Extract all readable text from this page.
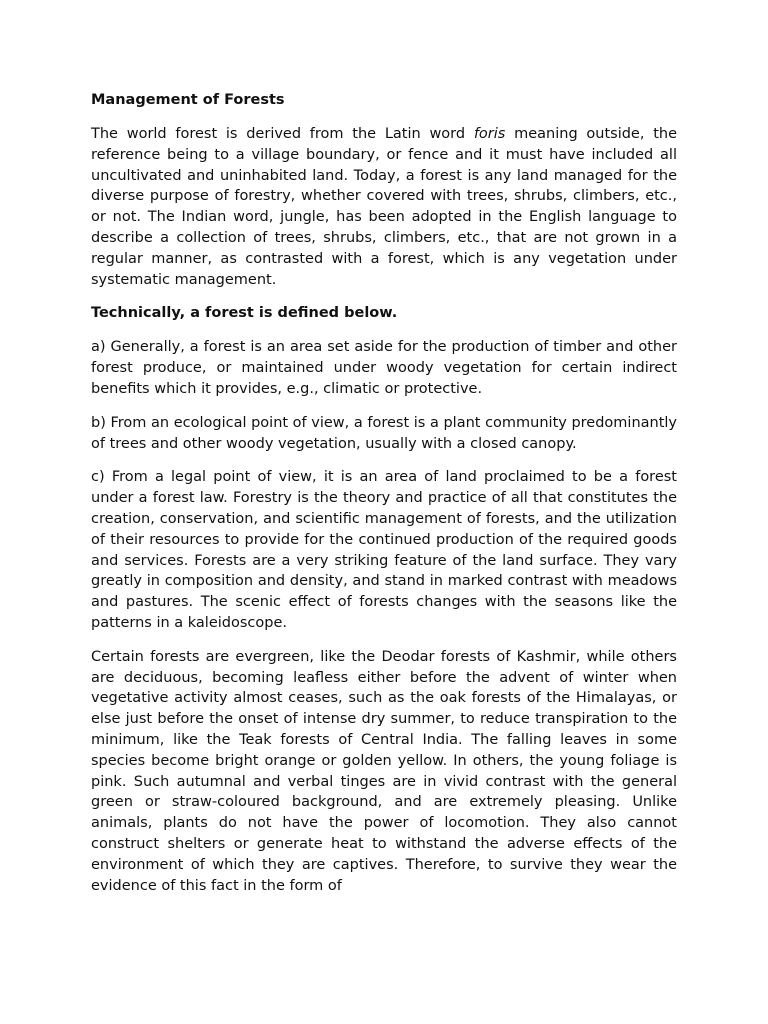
Management of Forests

The world forest is derived from the Latin word foris meaning outside, the reference being to a village boundary, or fence and it must have included all uncultivated and uninhabited land. Today, a forest is any land managed for the diverse purpose of forestry, whether covered with trees, shrubs, climbers, etc., or not. The Indian word, jungle, has been adopted in the English language to describe a collection of trees, shrubs, climbers, etc., that are not grown in a regular manner, as contrasted with a forest, which is any vegetation under systematic management.

Technically, a forest is defined below.

a) Generally, a forest is an area set aside for the production of timber and other forest produce, or maintained under woody vegetation for certain indirect benefits which it provides, e.g., climatic or protective.

b) From an ecological point of view, a forest is a plant community predominantly of trees and other woody vegetation, usually with a closed canopy.

c) From a legal point of view, it is an area of land proclaimed to be a forest under a forest law. Forestry is the theory and practice of all that constitutes the creation, conservation, and scientific management of forests, and the utilization of their resources to provide for the continued production of the required goods and services. Forests are a very striking feature of the land surface. They vary greatly in composition and density, and stand in marked contrast with meadows and pastures. The scenic effect of forests changes with the seasons like the patterns in a kaleidoscope.

Certain forests are evergreen, like the Deodar forests of Kashmir, while others are deciduous, becoming leafless either before the advent of winter when vegetative activity almost ceases, such as the oak forests of the Himalayas, or else just before the onset of intense dry summer, to reduce transpiration to the minimum, like the Teak forests of Central India. The falling leaves in some species become bright orange or golden yellow. In others, the young foliage is pink. Such autumnal and verbal tinges are in vivid contrast with the general green or straw-coloured background, and are extremely pleasing. Unlike animals, plants do not have the power of locomotion. They also cannot construct shelters or generate heat to withstand the adverse effects of the environment of which they are captives. Therefore, to survive they wear the evidence of this fact in the form of
